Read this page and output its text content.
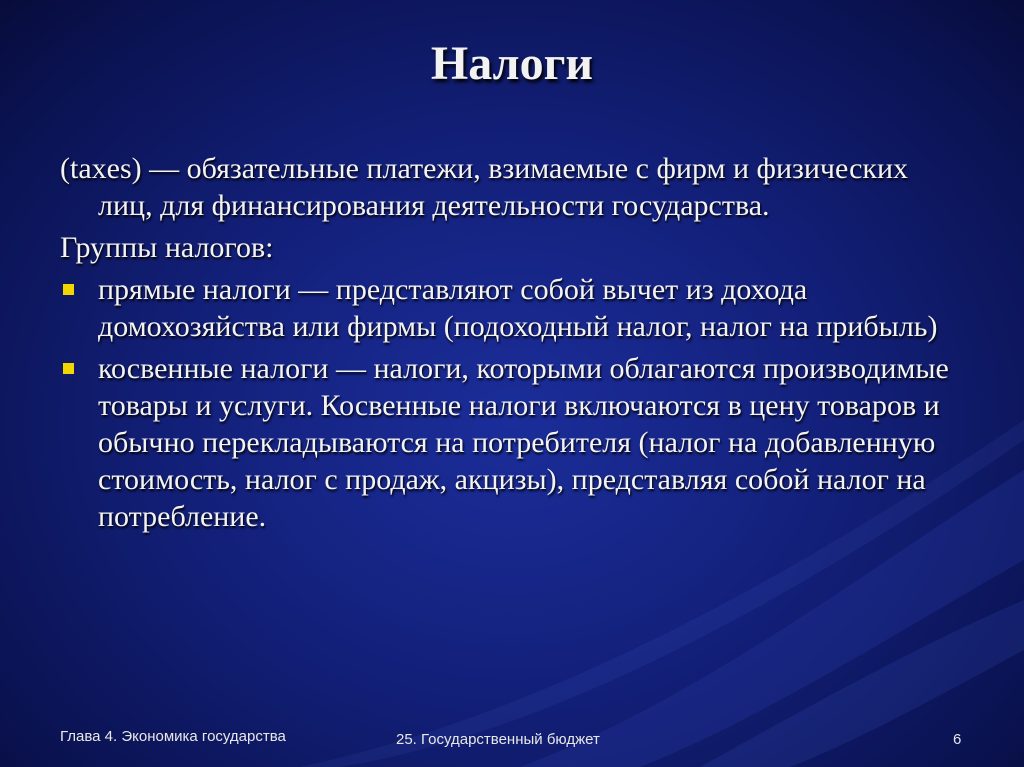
Налоги

(taxes) — обязательные платежи, взимаемые с фирм и физических лиц, для финансирования деятельности государства.

Группы налогов:

прямые налоги — представляют собой вычет из дохода домохозяйства или фирмы (подоходный налог, налог на прибыль)
косвенные налоги — налоги, которыми облагаются производимые товары и услуги. Косвенные налоги включаются в цену товаров и обычно перекладываются на потребителя (налог на добавленную стоимость, налог с продаж, акцизы), представляя собой налог на потребление.
Глава 4. Экономика государства	25. Государственный бюджет	6
